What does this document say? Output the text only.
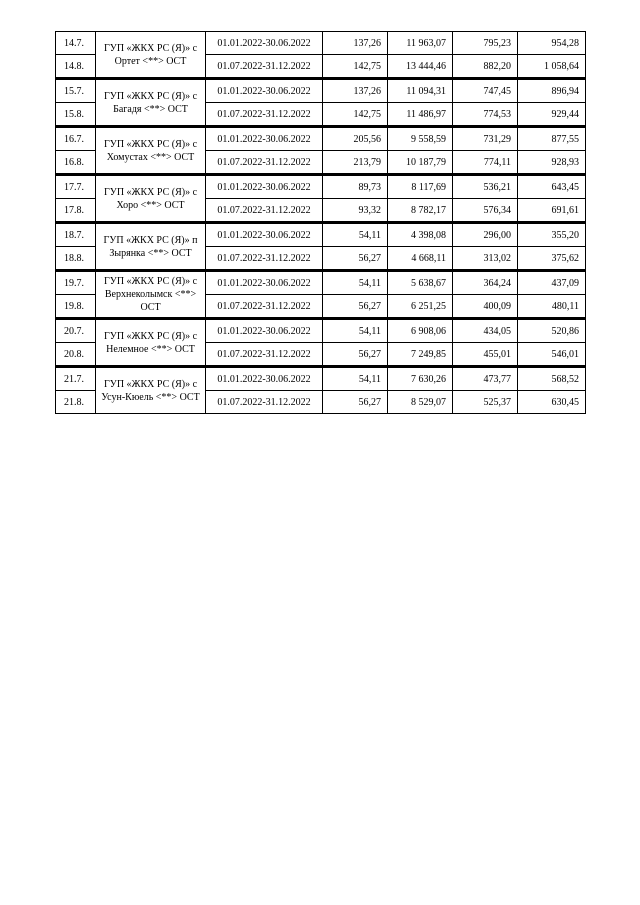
14.7.	ГУП «ЖКХ РС (Я)» с Ортет <**> ОСТ	01.01.2022-30.06.2022	137,26	11 963,07	795,23	954,28
14.8.		01.07.2022-31.12.2022	142,75	13 444,46	882,20	1 058,64
15.7.	ГУП «ЖКХ РС (Я)» с Багадя <**> ОСТ	01.01.2022-30.06.2022	137,26	11 094,31	747,45	896,94
15.8.		01.07.2022-31.12.2022	142,75	11 486,97	774,53	929,44
16.7.	ГУП «ЖКХ РС (Я)» с Хомустах <**> ОСТ	01.01.2022-30.06.2022	205,56	9 558,59	731,29	877,55
16.8.		01.07.2022-31.12.2022	213,79	10 187,79	774,11	928,93
17.7.	ГУП «ЖКХ РС (Я)» с Хоро <**> ОСТ	01.01.2022-30.06.2022	89,73	8 117,69	536,21	643,45
17.8.		01.07.2022-31.12.2022	93,32	8 782,17	576,34	691,61
18.7.	ГУП «ЖКХ РС (Я)» п Зырянка <**> ОСТ	01.01.2022-30.06.2022	54,11	4 398,08	296,00	355,20
18.8.		01.07.2022-31.12.2022	56,27	4 668,11	313,02	375,62
19.7.	ГУП «ЖКХ РС (Я)» с Верхнеколымск <**> ОСТ	01.01.2022-30.06.2022	54,11	5 638,67	364,24	437,09
19.8.		01.07.2022-31.12.2022	56,27	6 251,25	400,09	480,11
20.7.	ГУП «ЖКХ РС (Я)» с Нелемное <**> ОСТ	01.01.2022-30.06.2022	54,11	6 908,06	434,05	520,86
20.8.		01.07.2022-31.12.2022	56,27	7 249,85	455,01	546,01
21.7.	ГУП «ЖКХ РС (Я)» с Усун-Кюель <**> ОСТ	01.01.2022-30.06.2022	54,11	7 630,26	473,77	568,52
21.8.		01.07.2022-31.12.2022	56,27	8 529,07	525,37	630,45
